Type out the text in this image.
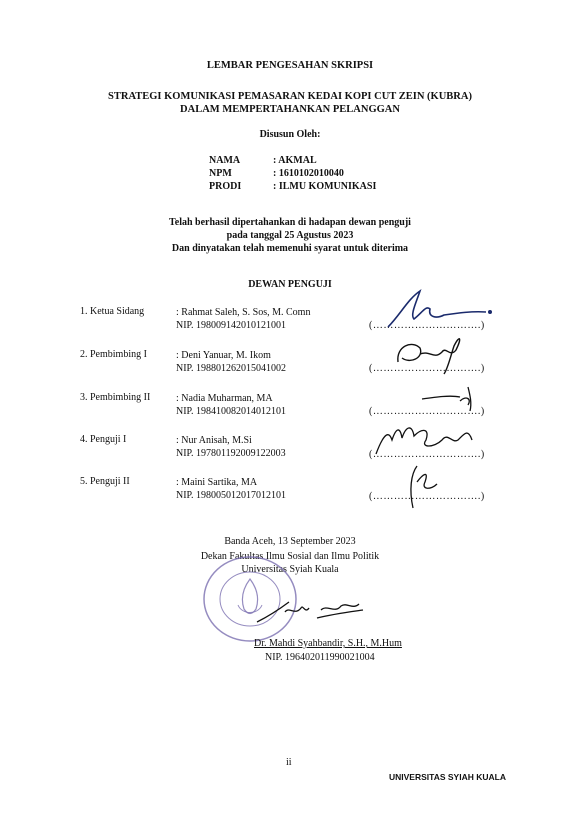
LEMBAR PENGESAHAN SKRIPSI
STRATEGI KOMUNIKASI PEMASARAN KEDAI KOPI CUT ZEIN (KUBRA)
DALAM MEMPERTAHANKAN PELANGGAN
Disusun Oleh:
NAMA	: AKMAL
NPM	: 1610102010040
PRODI	: ILMU KOMUNIKASI
Telah berhasil dipertahankan di hadapan dewan penguji
pada tanggal 25 Agustus 2023
Dan dinyatakan telah memenuhi syarat untuk diterima
DEWAN PENGUJI
1. Ketua Sidang	: Rahmat Saleh, S. Sos, M. Comn
NIP. 198009142010121001	(………………………….)
2. Pembimbing I	: Deni Yanuar, M. Ikom
NIP. 198801262015041002	(………………………….)
3. Pembimbing II	: Nadia Muharman, MA
NIP. 198410082014012101	(………………………….)
4. Penguji I	: Nur Anisah, M.Si
NIP. 197801192009122003	(………………………….)
5. Penguji II	: Maini Sartika, MA
NIP. 198005012017012101	(………………………….)
Banda Aceh, 13 September 2023
Dekan Fakultas Ilmu Sosial dan Ilmu Politik
Universitas Syiah Kuala
Dr. Mahdi Syahbandir, S.H., M.Hum
NIP. 196402011990021004
ii
UNIVERSITAS SYIAH KUALA
